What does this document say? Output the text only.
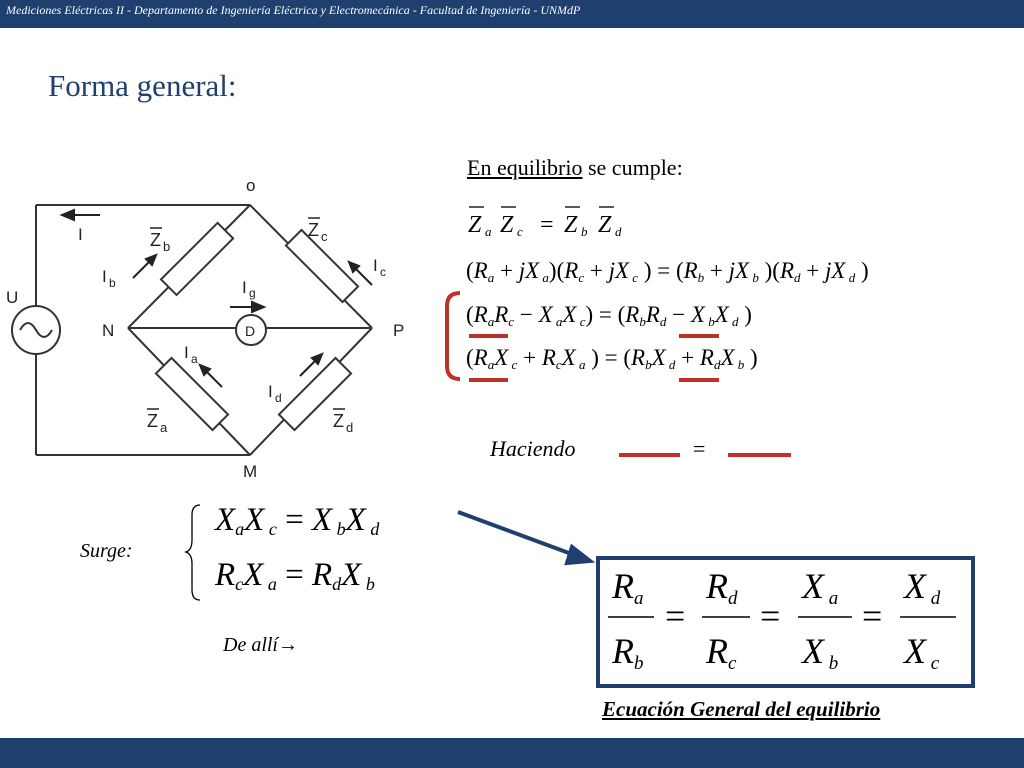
Mediciones Eléctricas II - Departamento de Ingeniería Eléctrica y Electromecánica - Facultad de Ingeniería - UNMdP
Forma general:
o
N	P
M
U
I
D
I g
Z b
Z c
Z a	Z d
I b
I c
I a
I d
En equilibrio se cumple:
Haciendo	=
Surge:
De allí→
Ecuación General del equilibrio
Z a Z c = Z b Z d
(Ra + jX a)(Rc + jX c ) = (Rb + jX b )(Rd + jX d )
(RaRc − X aX c) = (RbRd − X bX d )
(RaX c + RcX a ) = (RbX d + RdX b )
XaX c = X bX d
RcX a = RdX b	Ra
Rb
=
Rd
Rc
=
X a
X b
=
X d
X c
